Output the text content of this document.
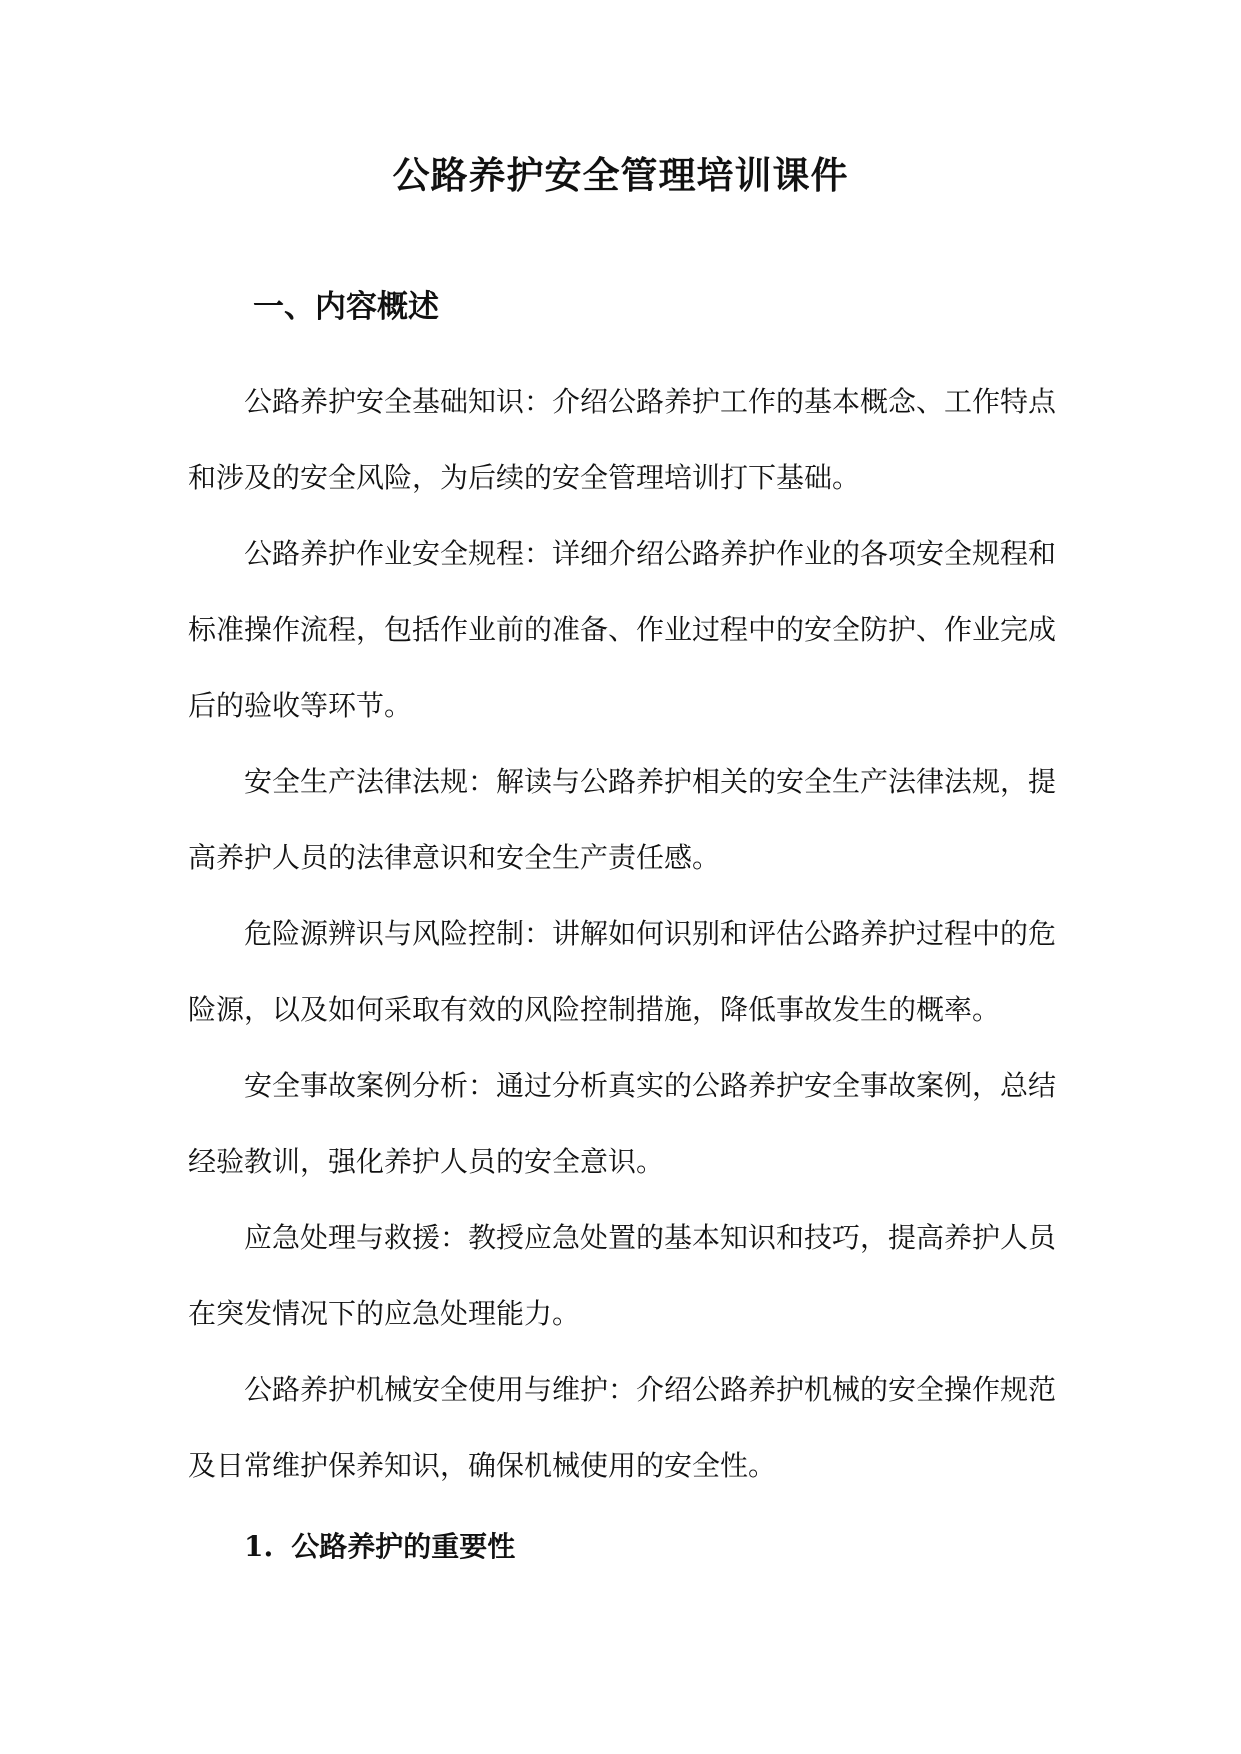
公路养护安全管理培训课件
一、内容概述

公路养护安全基础知识：介绍公路养护工作的基本概念、工作特点和涉及的安全风险，为后续的安全管理培训打下基础。

公路养护作业安全规程：详细介绍公路养护作业的各项安全规程和标准操作流程，包括作业前的准备、作业过程中的安全防护、作业完成后的验收等环节。

安全生产法律法规：解读与公路养护相关的安全生产法律法规，提高养护人员的法律意识和安全生产责任感。

危险源辨识与风险控制：讲解如何识别和评估公路养护过程中的危险源，以及如何采取有效的风险控制措施，降低事故发生的概率。

安全事故案例分析：通过分析真实的公路养护安全事故案例，总结经验教训，强化养护人员的安全意识。

应急处理与救援：教授应急处置的基本知识和技巧，提高养护人员在突发情况下的应急处理能力。

公路养护机械安全使用与维护：介绍公路养护机械的安全操作规范及日常维护保养知识，确保机械使用的安全性。

1. 公路养护的重要性
